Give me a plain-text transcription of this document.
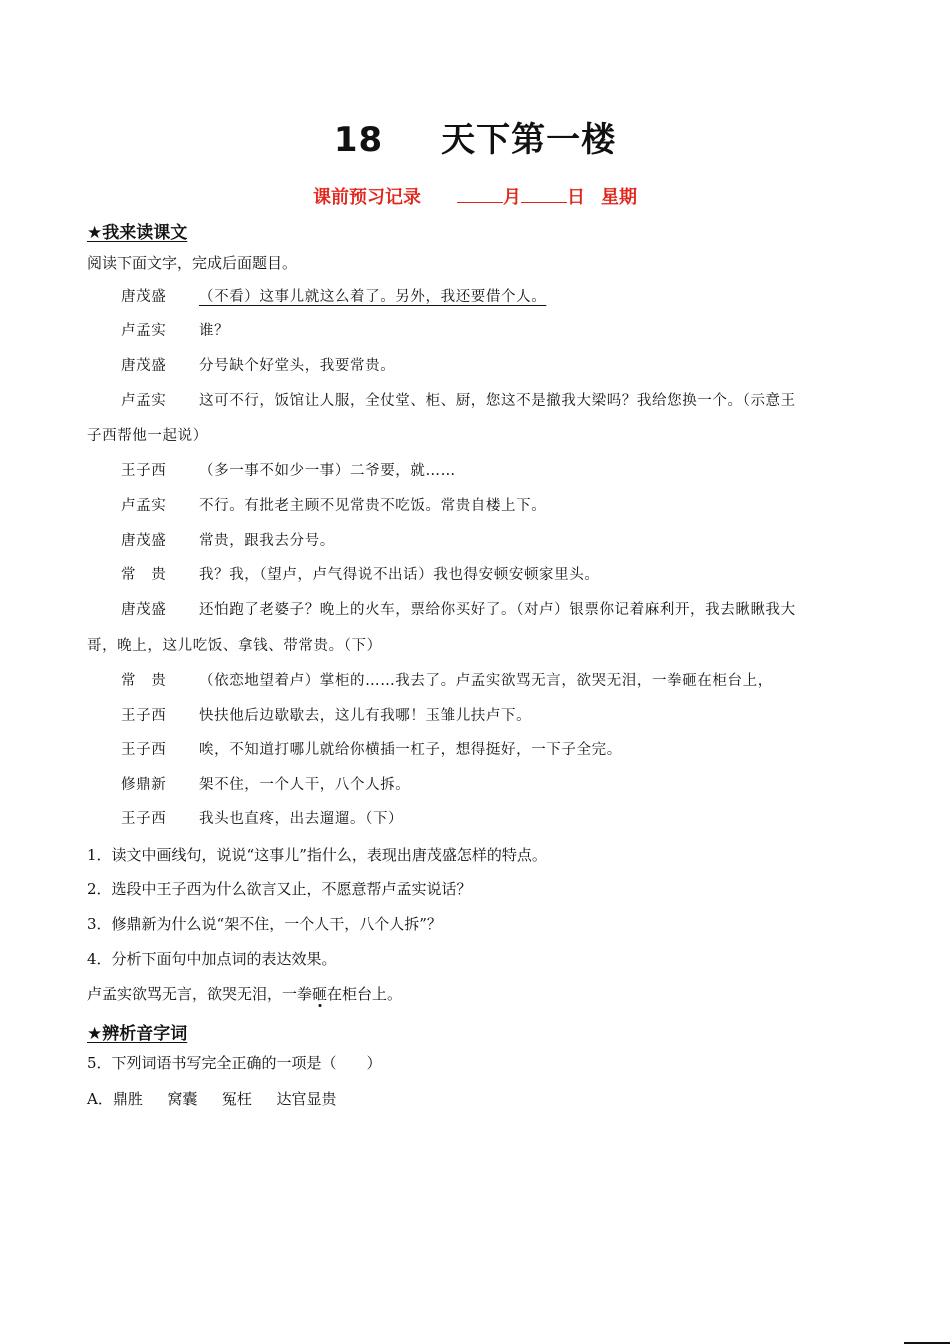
18 天下第一楼
课前预习记录	月	日 星期
★我来读课文
阅读下面文字，完成后面题目。
唐茂盛 （不看）这事儿就这么着了。另外，我还要借个人。
卢孟实 谁？
唐茂盛 分号缺个好堂头，我要常贵。
卢孟实 这可不行，饭馆让人服，全仗堂、柜、厨，您这不是撤我大梁吗？我给您换一个。（示意王
子西帮他一起说）
王子西 （多一事不如少一事）二爷要，就……
卢孟实 不行。有批老主顾不见常贵不吃饭。常贵自楼上下。
唐茂盛 常贵，跟我去分号。
常　贵 我？我，（望卢，卢气得说不出话）我也得安顿安顿家里头。
唐茂盛 还怕跑了老婆子？晚上的火车，票给你买好了。（对卢）银票你记着麻利开，我去瞅瞅我大
哥，晚上，这儿吃饭、拿钱、带常贵。（下）
常　贵 （依恋地望着卢）掌柜的……我去了。卢孟实欲骂无言，欲哭无泪，一拳砸在柜台上，
王子西 快扶他后边歇歇去，这儿有我哪！玉雏儿扶卢下。
王子西 唉，不知道打哪儿就给你横插一杠子，想得挺好，一下子全完。
修鼎新 架不住，一个人干，八个人拆。
王子西 我头也直疼，出去遛遛。（下）
1．读文中画线句，说说“这事儿”指什么，表现出唐茂盛怎样的特点。
2．选段中王子西为什么欲言又止，不愿意帮卢孟实说话？
3．修鼎新为什么说“架不住，一个人干，八个人拆”？
4．分析下面句中加点词的表达效果。
卢孟实欲骂无言，欲哭无泪，一拳砸在柜台上。
★辨析音字词
5．下列词语书写完全正确的一项是（　　）
A．鼎胜　  窝囊　  冤枉　  达官显贵
